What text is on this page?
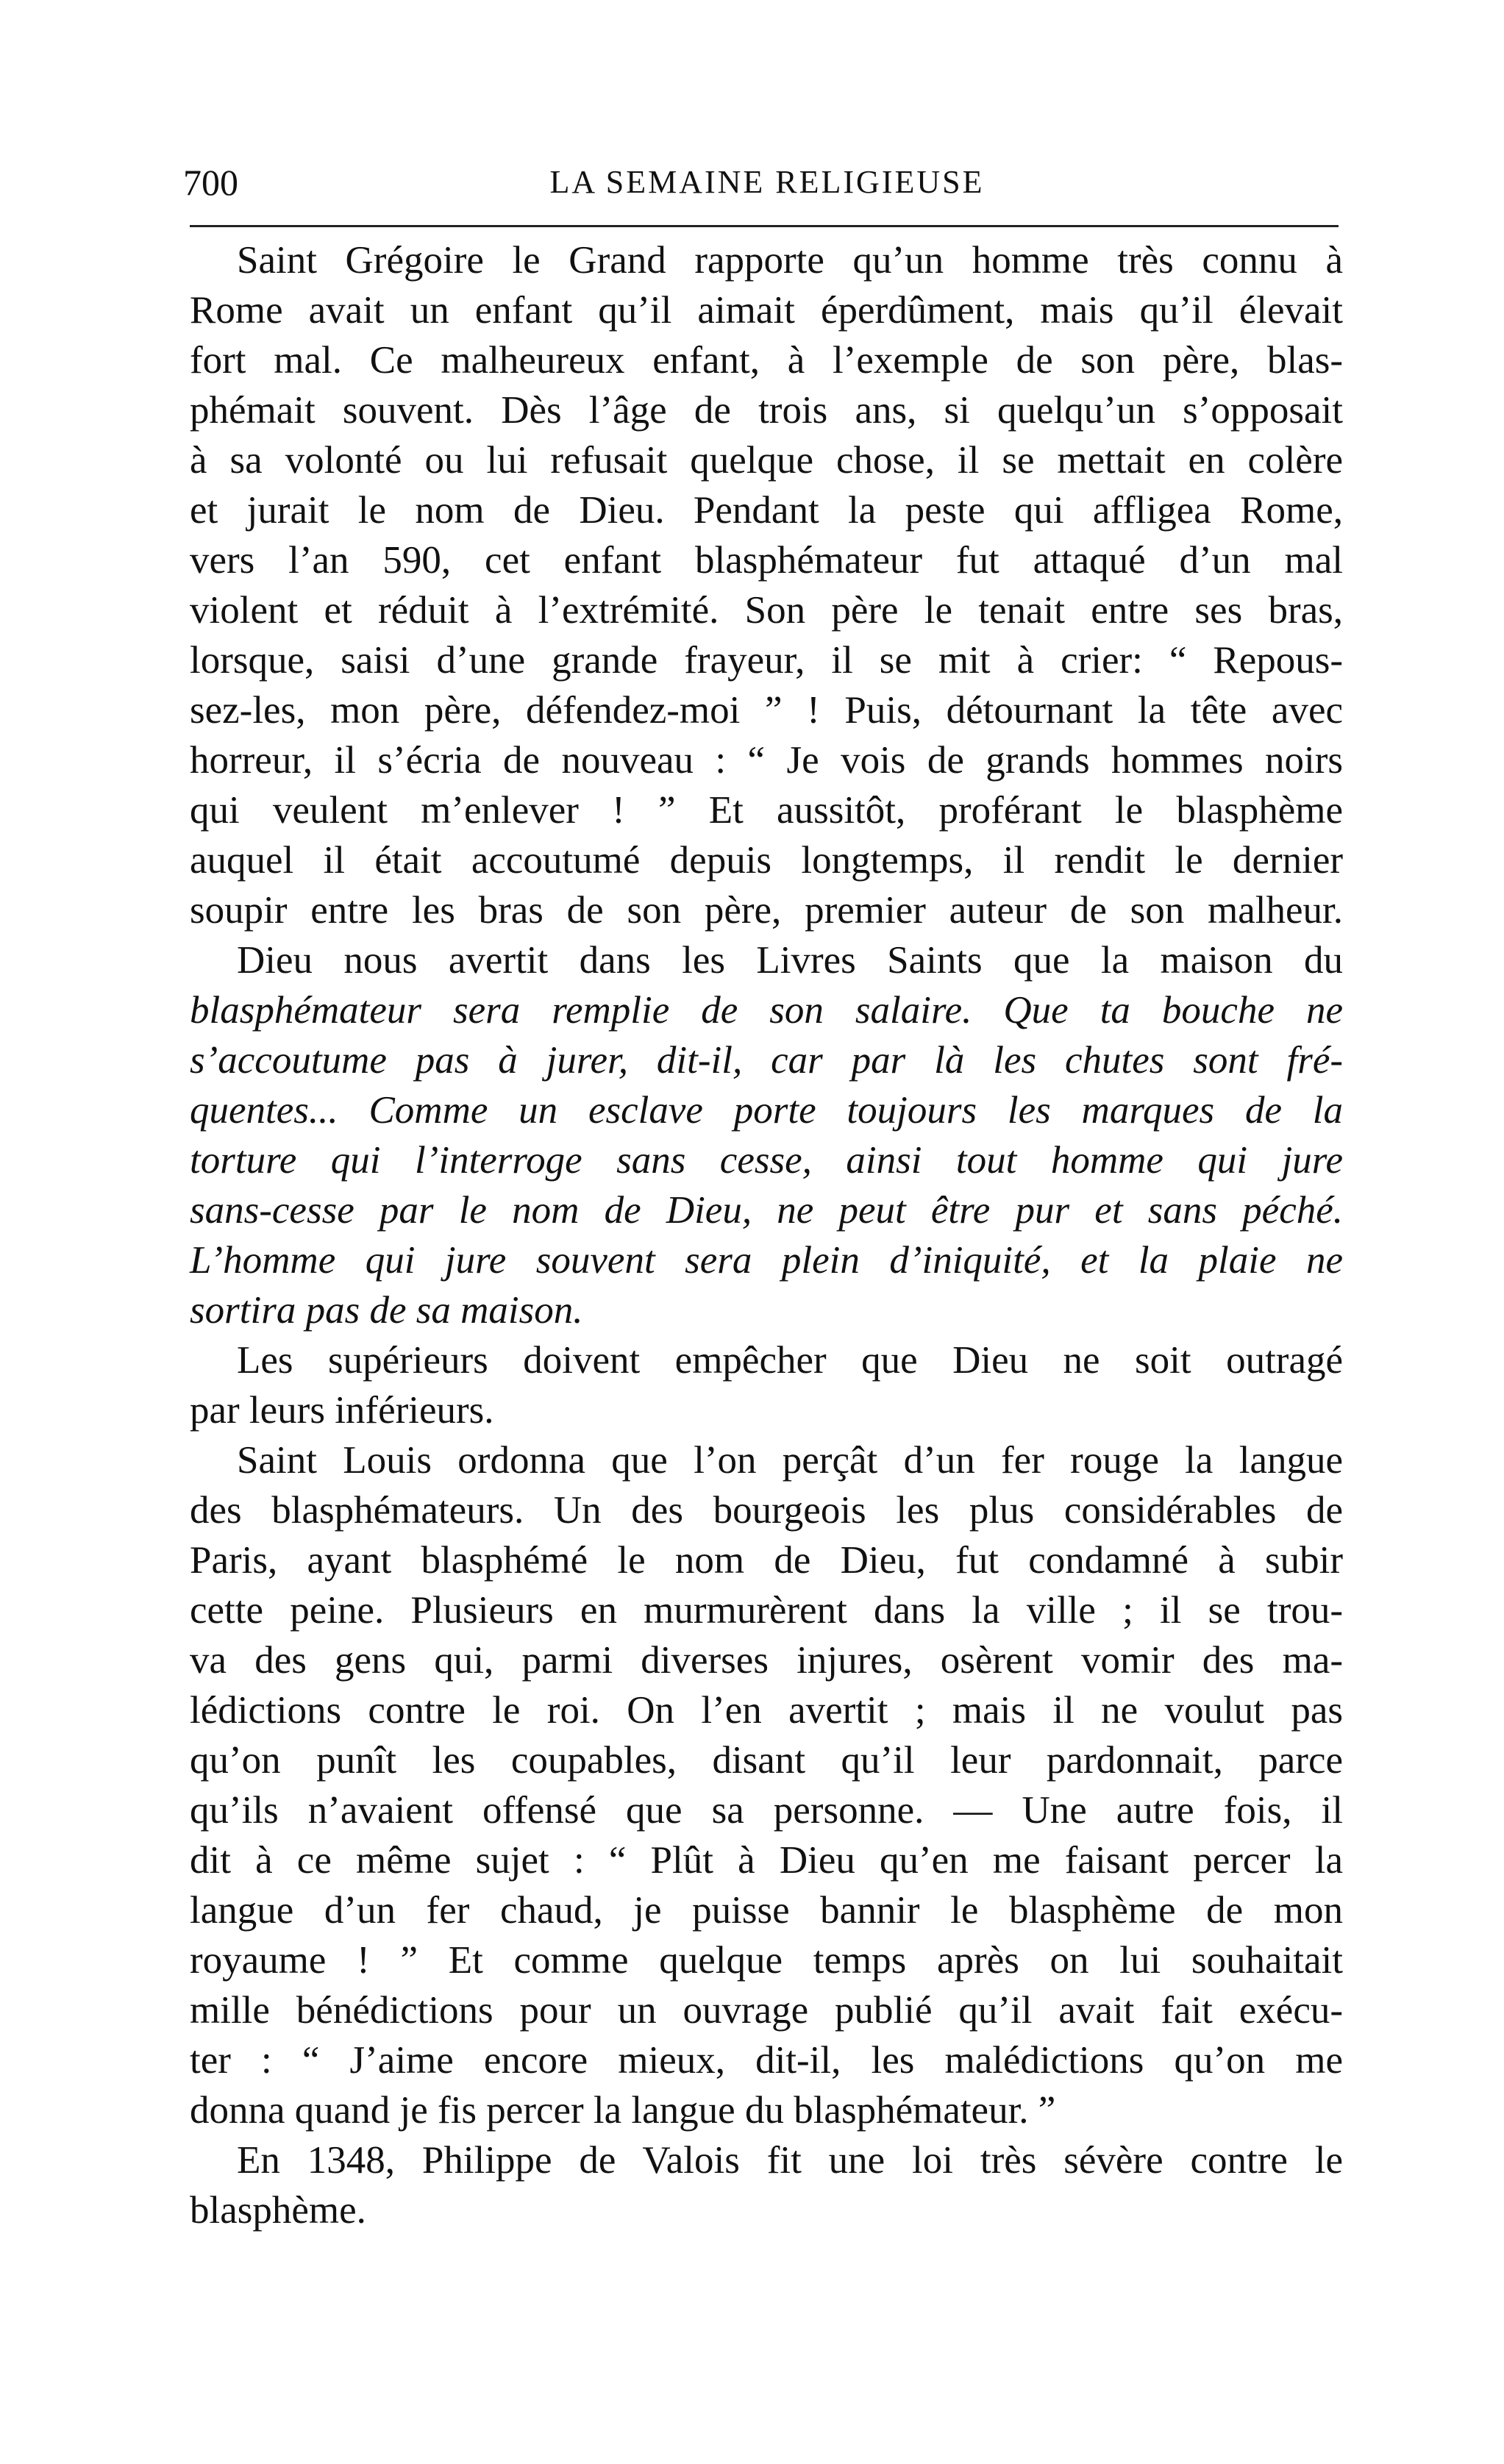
700	LA SEMAINE RELIGIEUSE
Saint Grégoire le Grand rapporte qu’un homme très connu à
Rome avait un enfant qu’il aimait éperdûment, mais qu’il élevait
fort mal. Ce malheureux enfant, à l’exemple de son père, blas-
phémait souvent. Dès l’âge de trois ans, si quelqu’un s’opposait
à sa volonté ou lui refusait quelque chose, il se mettait en colère
et jurait le nom de Dieu. Pendant la peste qui affligea Rome,
vers l’an 590, cet enfant blasphémateur fut attaqué d’un mal
violent et réduit à l’extrémité. Son père le tenait entre ses bras,
lorsque, saisi d’une grande frayeur, il se mit à crier: “ Repous-
sez-les, mon père, défendez-moi ” ! Puis, détournant la tête avec
horreur, il s’écria de nouveau : “ Je vois de grands hommes noirs
qui veulent m’enlever ! ” Et aussitôt, proférant le blasphème
auquel il était accoutumé depuis longtemps, il rendit le dernier
soupir entre les bras de son père, premier auteur de son malheur.
Dieu nous avertit dans les Livres Saints que la maison du
blasphémateur sera remplie de son salaire. Que ta bouche ne
s’accoutume pas à jurer, dit-il, car par là les chutes sont fré-
quentes... Comme un esclave porte toujours les marques de la
torture qui l’interroge sans cesse, ainsi tout homme qui jure
sans-cesse par le nom de Dieu, ne peut être pur et sans péché.
L’homme qui jure souvent sera plein d’iniquité, et la plaie ne
sortira pas de sa maison.
Les supérieurs doivent empêcher que Dieu ne soit outragé
par leurs inférieurs.
Saint Louis ordonna que l’on perçât d’un fer rouge la langue
des blasphémateurs. Un des bourgeois les plus considérables de
Paris, ayant blasphémé le nom de Dieu, fut condamné à subir
cette peine. Plusieurs en murmurèrent dans la ville ; il se trou-
va des gens qui, parmi diverses injures, osèrent vomir des ma-
lédictions contre le roi. On l’en avertit ; mais il ne voulut pas
qu’on punît les coupables, disant qu’il leur pardonnait, parce
qu’ils n’avaient offensé que sa personne. — Une autre fois, il
dit à ce même sujet : “ Plût à Dieu qu’en me faisant percer la
langue d’un fer chaud, je puisse bannir le blasphème de mon
royaume ! ” Et comme quelque temps après on lui souhaitait
mille bénédictions pour un ouvrage publié qu’il avait fait exécu-
ter : “ J’aime encore mieux, dit-il, les malédictions qu’on me
donna quand je fis percer la langue du blasphémateur. ”
En 1348, Philippe de Valois fit une loi très sévère contre le
blasphème.
